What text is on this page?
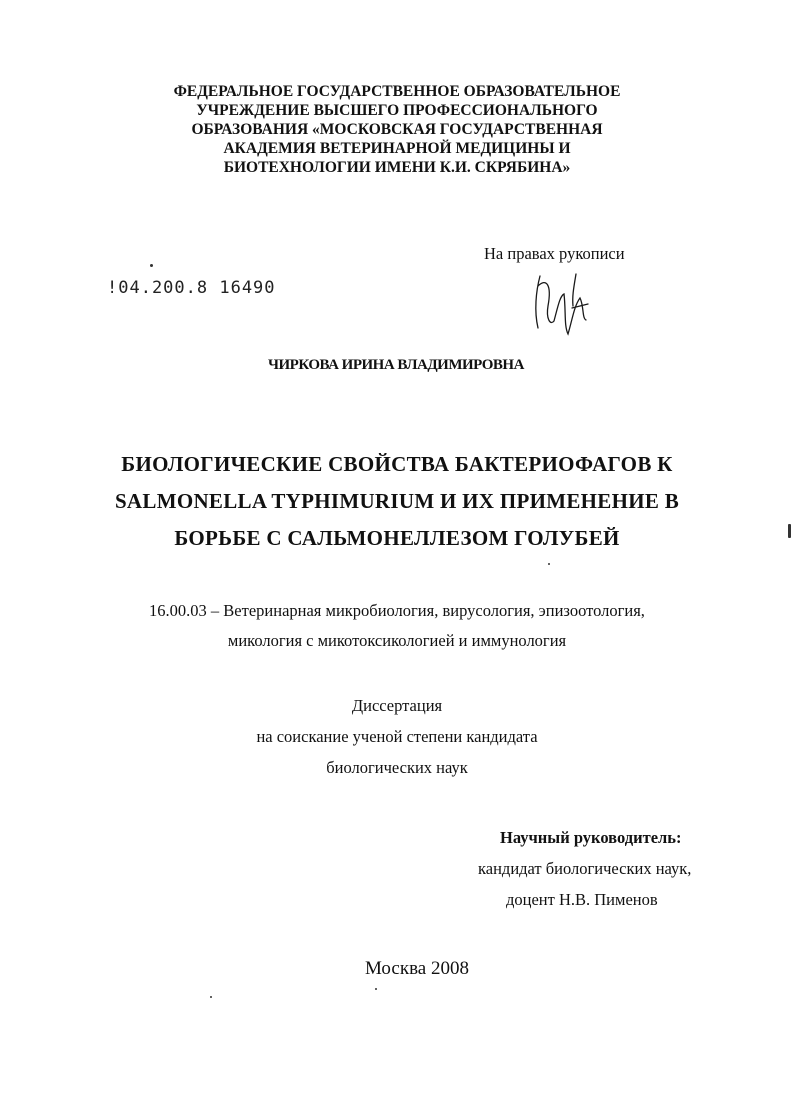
ФЕДЕРАЛЬНОЕ ГОСУДАРСТВЕННОЕ ОБРАЗОВАТЕЛЬНОЕ
УЧРЕЖДЕНИЕ ВЫСШЕГО ПРОФЕССИОНАЛЬНОГО
ОБРАЗОВАНИЯ «МОСКОВСКАЯ ГОСУДАРСТВЕННАЯ
АКАДЕМИЯ ВЕТЕРИНАРНОЙ МЕДИЦИНЫ И
БИОТЕХНОЛОГИИ ИМЕНИ К.И. СКРЯБИНА»
На правах рукописи
!04.200.8 16490
ЧИРКОВА ИРИНА ВЛАДИМИРОВНА
БИОЛОГИЧЕСКИЕ СВОЙСТВА БАКТЕРИОФАГОВ К
SALMONELLA TYPHIMURIUM И ИХ ПРИМЕНЕНИЕ В
БОРЬБЕ С САЛЬМОНЕЛЛЕЗОМ ГОЛУБЕЙ
16.00.03 – Ветеринарная микробиология, вирусология, эпизоотология,
микология с микотоксикологией и иммунология
Диссертация
на соискание ученой степени кандидата
биологических наук
Научный руководитель:
кандидат биологических наук,
доцент Н.В. Пименов
Москва 2008
